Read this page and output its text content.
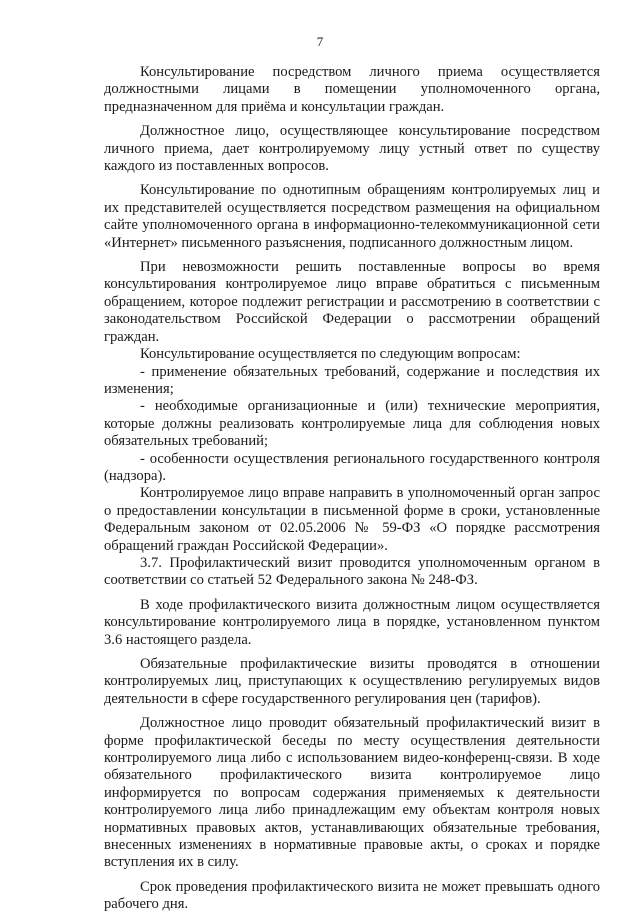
7

Консультирование посредством личного приема осуществляется должностными лицами в помещении уполномоченного органа, предназначенном для приёма и консультации граждан.

Должностное лицо, осуществляющее консультирование посредством личного приема, дает контролируемому лицу устный ответ по существу каждого из поставленных вопросов.

Консультирование по однотипным обращениям контролируемых лиц и их представителей осуществляется посредством размещения на официальном сайте уполномоченного органа в информационно-телекоммуникационной сети «Интернет» письменного разъяснения, подписанного должностным лицом.

При невозможности решить поставленные вопросы во время консультирования контролируемое лицо вправе обратиться с письменным обращением, которое подлежит регистрации и рассмотрению в соответствии с законодательством Российской Федерации о рассмотрении обращений граждан.

Консультирование осуществляется по следующим вопросам:

- применение обязательных требований, содержание и последствия их изменения;

- необходимые организационные и (или) технические мероприятия, которые должны реализовать контролируемые лица для соблюдения новых обязательных требований;

- особенности осуществления регионального государственного контроля (надзора).

Контролируемое лицо вправе направить в уполномоченный орган запрос о предоставлении консультации в письменной форме в сроки, установленные Федеральным законом от 02.05.2006 № 59-ФЗ «О порядке рассмотрения обращений граждан Российской Федерации».

3.7. Профилактический визит проводится уполномоченным органом в соответствии со статьей 52 Федерального закона № 248-ФЗ.

В ходе профилактического визита должностным лицом осуществляется консультирование контролируемого лица в порядке, установленном пунктом 3.6 настоящего раздела.

Обязательные профилактические визиты проводятся в отношении контролируемых лиц, приступающих к осуществлению регулируемых видов деятельности в сфере государственного регулирования цен (тарифов).

Должностное лицо проводит обязательный профилактический визит в форме профилактической беседы по месту осуществления деятельности контролируемого лица либо с использованием видео-конференц-связи. В ходе обязательного профилактического визита контролируемое лицо информируется по вопросам содержания применяемых к деятельности контролируемого лица либо принадлежащим ему объектам контроля новых нормативных правовых актов, устанавливающих обязательные требования, внесенных изменениях в нормативные правовые акты, о сроках и порядке вступления их в силу.

Срок проведения профилактического визита не может превышать одного рабочего дня.
